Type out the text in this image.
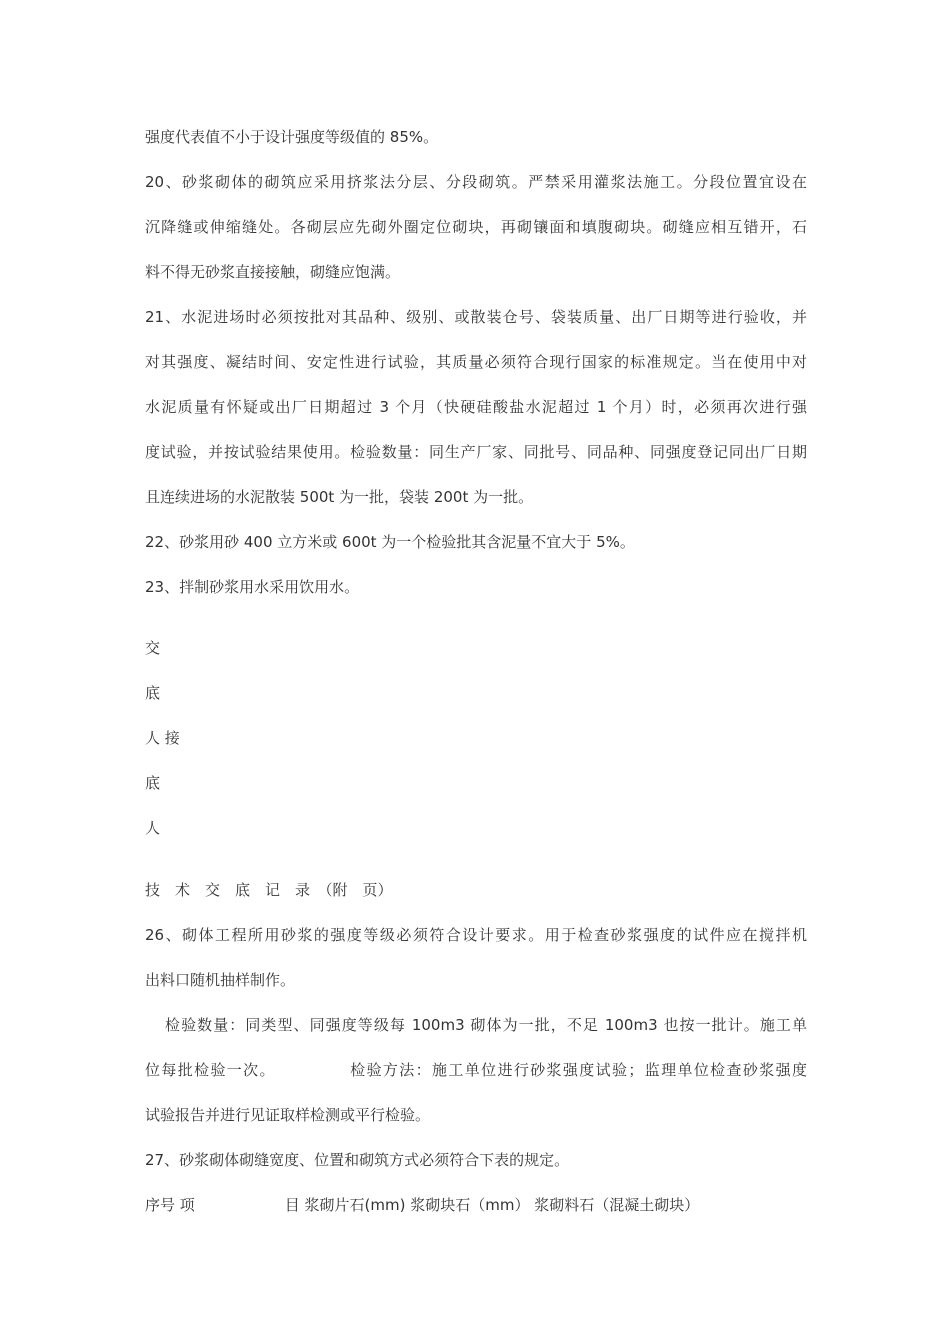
强度代表值不小于设计强度等级值的 85%。
20、砂浆砌体的砌筑应采用挤浆法分层、分段砌筑。严禁采用灌浆法施工。分段位置宜设在
沉降缝或伸缩缝处。各砌层应先砌外圈定位砌块，再砌镶面和填腹砌块。砌缝应相互错开，石
料不得无砂浆直接接触，砌缝应饱满。
21、水泥进场时必须按批对其品种、级别、或散装仓号、袋装质量、出厂日期等进行验收，并
对其强度、凝结时间、安定性进行试验，其质量必须符合现行国家的标准规定。当在使用中对
水泥质量有怀疑或出厂日期超过 3 个月（快硬硅酸盐水泥超过 1 个月）时，必须再次进行强
度试验，并按试验结果使用。检验数量：同生产厂家、同批号、同品种、同强度登记同出厂日期
且连续进场的水泥散装 500t 为一批，袋装 200t 为一批。
22、砂浆用砂 400 立方米或 600t 为一个检验批其含泥量不宜大于 5%。
23、拌制砂浆用水采用饮用水。
交
底
人 接
底
人
技　术　交　底　记　录　（附　页）
26、砌体工程所用砂浆的强度等级必须符合设计要求。用于检查砂浆强度的试件应在搅拌机
出料口随机抽样制作。
检验数量：同类型、同强度等级每 100m3 砌体为一批，不足 100m3 也按一批计。施工单
位每批检验一次。　　　　　检验方法：施工单位进行砂浆强度试验；监理单位检查砂浆强度
试验报告并进行见证取样检测或平行检验。
27、砂浆砌体砌缝宽度、位置和砌筑方式必须符合下表的规定。
序号 项　　　　　　目 浆砌片石(mm) 浆砌块石（mm） 浆砌料石（混凝土砌块）
